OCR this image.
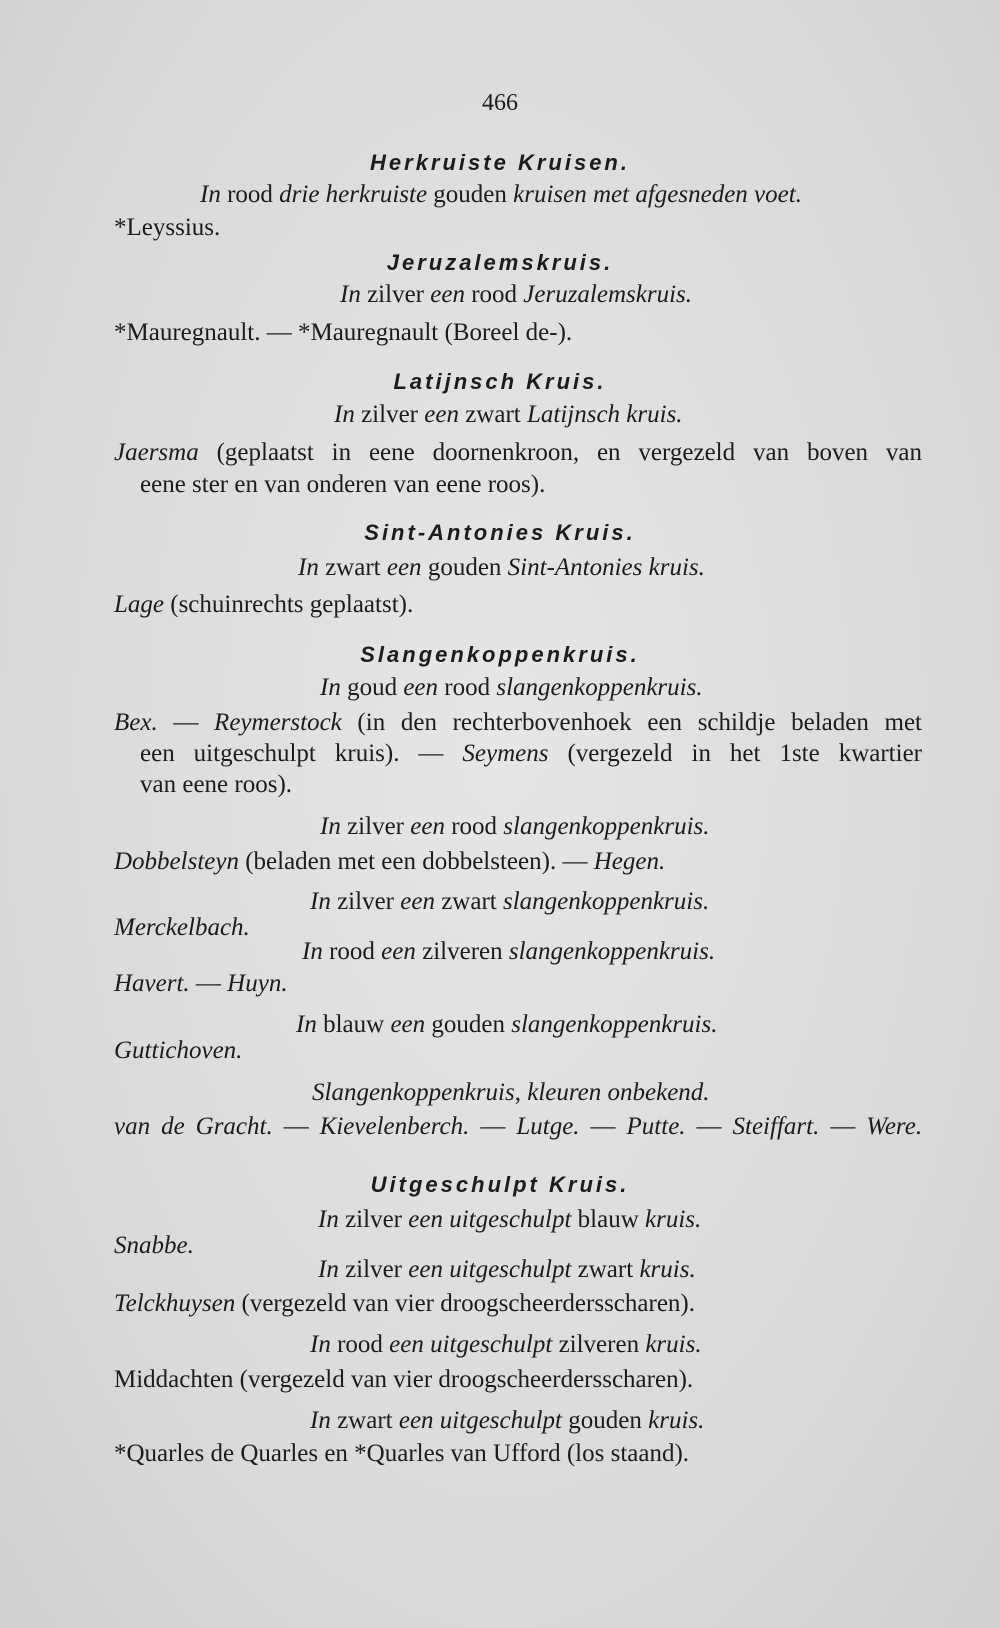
466
Herkruiste Kruisen.
In rood drie herkruiste gouden kruisen met afgesneden voet.
*Leyssius.
Jeruzalemskruis.
In zilver een rood Jeruzalemskruis.
*Mauregnault. — *Mauregnault (Boreel de-).
Latijnsch Kruis.
In zilver een zwart Latijnsch kruis.
Jaersma (geplaatst in eene doornenkroon, en vergezeld van boven van
eene ster en van onderen van eene roos).
Sint-Antonies Kruis.
In zwart een gouden Sint-Antonies kruis.
Lage (schuinrechts geplaatst).
Slangenkoppenkruis.
In goud een rood slangenkoppenkruis.
Bex. — Reymerstock (in den rechterbovenhoek een schildje beladen met
een uitgeschulpt kruis). — Seymens (vergezeld in het 1ste kwartier
van eene roos).
In zilver een rood slangenkoppenkruis.
Dobbelsteyn (beladen met een dobbelsteen). — Hegen.
In zilver een zwart slangenkoppenkruis.
Merckelbach.
In rood een zilveren slangenkoppenkruis.
Havert. — Huyn.
In blauw een gouden slangenkoppenkruis.
Guttichoven.
Slangenkoppenkruis, kleuren onbekend.
van de Gracht. — Kievelenberch. — Lutge. — Putte. — Steiffart. — Were.
Uitgeschulpt Kruis.
In zilver een uitgeschulpt blauw kruis.
Snabbe.
In zilver een uitgeschulpt zwart kruis.
Telckhuysen (vergezeld van vier droogscheerdersscharen).
In rood een uitgeschulpt zilveren kruis.
Middachten (vergezeld van vier droogscheerdersscharen).
In zwart een uitgeschulpt gouden kruis.
*Quarles de Quarles en *Quarles van Ufford (los staand).
